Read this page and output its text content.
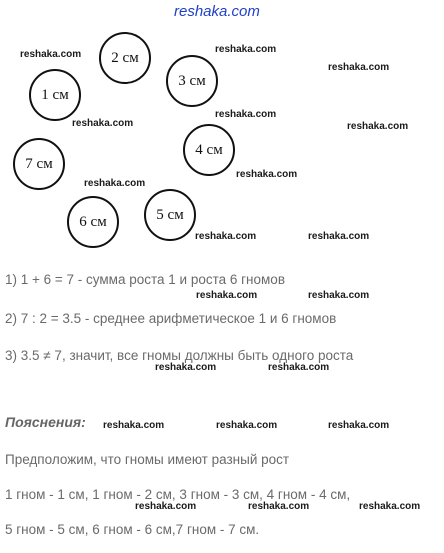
reshaka.com
1 см
2 см
3 см
4 см
5 см
6 см
7 см
reshaka.com	reshaka.com
reshaka.com
reshaka.com
reshaka.com
reshaka.com
reshaka.com
reshaka.com
reshaka.com	reshaka.com
reshaka.com	reshaka.com
reshaka.com	reshaka.com
reshaka.com	reshaka.com	reshaka.com
reshaka.com	reshaka.com	reshaka.com
1) 1 + 6 = 7 - сумма роста 1 и роста 6 гномов
2) 7 : 2 = 3.5 - среднее арифметическое 1 и 6 гномов
3) 3.5 ≠ 7, значит, все гномы должны быть одного роста
Пояснения:
Предположим, что гномы имеют разный рост
1 гном - 1 см, 1 гном - 2 см, 3 гном - 3 см, 4 гном - 4 см,
5 гном - 5 см, 6 гном - 6 см,7 гном - 7 см.
